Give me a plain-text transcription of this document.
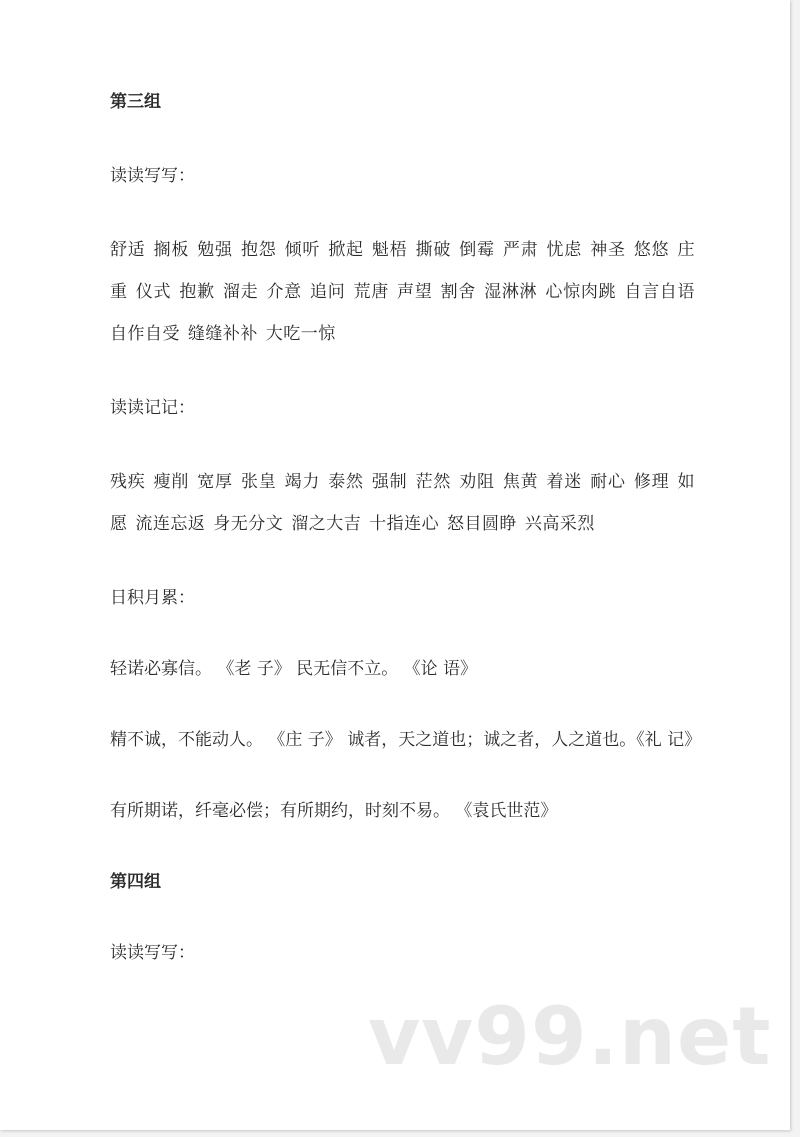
第三组

读读写写：

舒适 搁板 勉强 抱怨 倾听 掀起 魁梧 撕破 倒霉 严肃 忧虑 神圣 悠悠 庄重 仪式 抱歉 溜走 介意 追问 荒唐 声望 割舍 湿淋淋 心惊肉跳 自言自语自作自受 缝缝补补 大吃一惊

读读记记：

残疾 瘦削 宽厚 张皇 竭力 泰然 强制 茫然 劝阻 焦黄 着迷 耐心 修理 如愿 流连忘返 身无分文 溜之大吉 十指连心 怒目圆睁 兴高采烈

日积月累：

轻诺必寡信。 《老 子》 民无信不立。 《论 语》

精不诚，不能动人。 《庄 子》 诚者，天之道也；诚之者，人之道也。《礼 记》

有所期诺，纤毫必偿；有所期约，时刻不易。 《袁氏世范》

第四组

读读写写：

vv99.net
